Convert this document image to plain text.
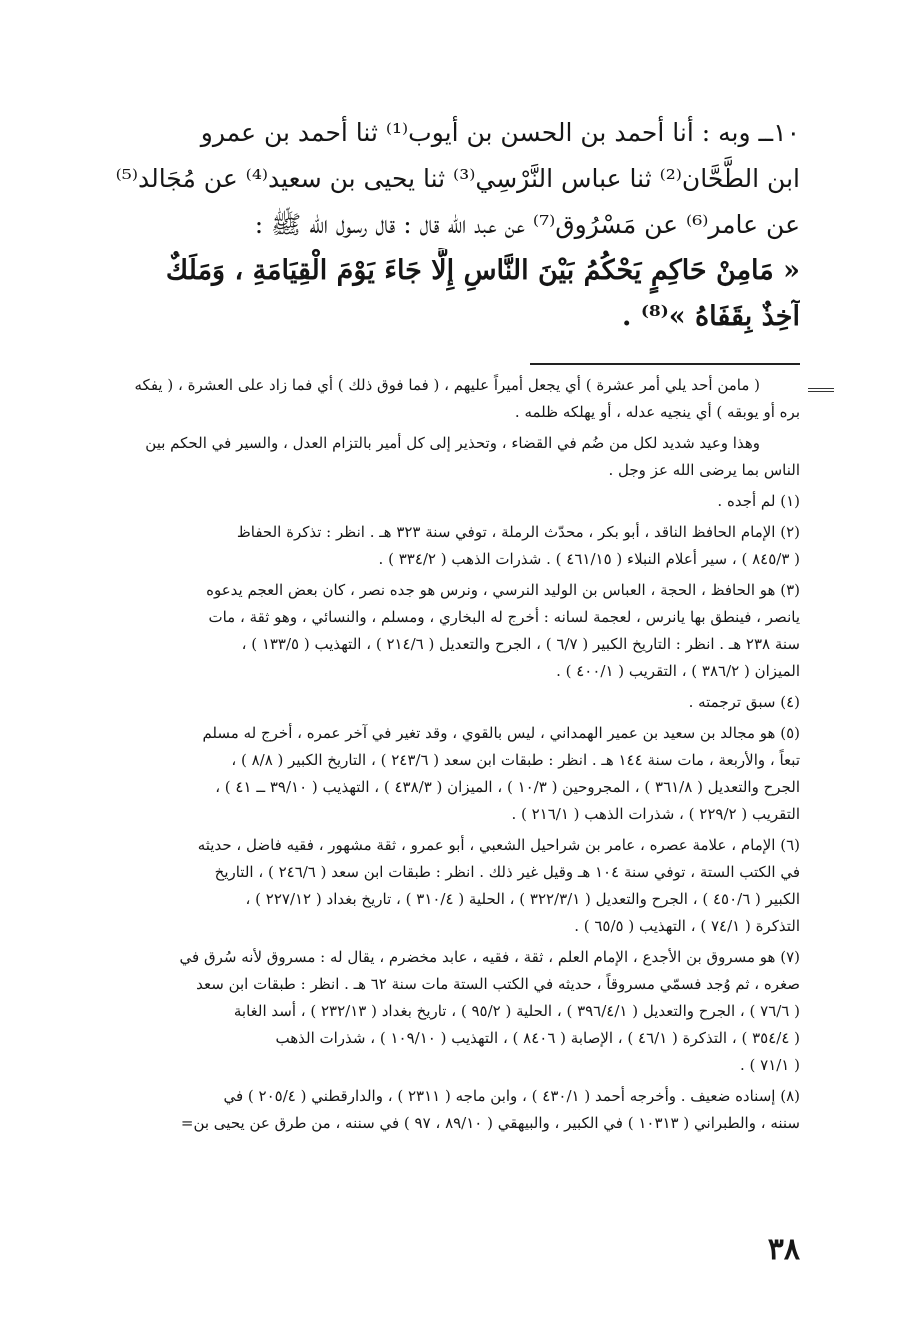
١٠ــ وبه : أنا أحمد بن الحسن بن أيوب⁽¹⁾ ثنا أحمد بن عمرو
ابن الطَّحَّان⁽²⁾ ثنا عباس النَّرْسِي⁽³⁾ ثنا يحيى بن سعيد⁽⁴⁾ عن مُجَالد⁽⁵⁾
عن عامر⁽⁶⁾ عن مَسْرُوق⁽⁷⁾ عن عبد الله قال : قال رسول الله ﷺ :
« مَامِنْ حَاكِمٍ يَحْكُمُ بَيْنَ النَّاسِ إِلَّا جَاءَ يَوْمَ الْقِيَامَةِ ، وَمَلَكٌ
آخِذٌ بِقَفَاهُ »⁽⁸⁾ .
( مامن أحد يلي أمر عشرة ) أي يجعل أميراً عليهم ، ( فما فوق ذلك ) أي فما زاد على العشرة ، ( يفكه
بره أو يوبقه ) أي ينجيه عدله ، أو يهلكه ظلمه .
وهذا وعيد شديد لكل من ضُم في القضاء ، وتحذير إلى كل أمير بالتزام العدل ، والسير في الحكم بين
الناس بما يرضى الله عز وجل .
(١) لم أجده .
(٢) الإمام الحافظ الناقد ، أبو بكر ، محدّث الرملة ، توفي سنة ٣٢٣ هـ . انظر : تذكرة الحفاظ
( ٨٤٥/٣ ) ، سير أعلام النبلاء ( ٤٦١/١٥ ) . شذرات الذهب ( ٣٣٤/٢ ) .
(٣) هو الحافظ ، الحجة ، العباس بن الوليد النرسي ، ونرس هو جده نصر ، كان بعض العجم يدعوه
يانصر ، فينطق بها يانرس ، لعجمة لسانه : أخرج له البخاري ، ومسلم ، والنسائي ، وهو ثقة ، مات
سنة ٢٣٨ هـ . انظر : التاريخ الكبير ( ٦/٧ ) ، الجرح والتعديل ( ٢١٤/٦ ) ، التهذيب ( ١٣٣/٥ ) ،
الميزان ( ٣٨٦/٢ ) ، التقريب ( ٤٠٠/١ ) .
(٤) سبق ترجمته .
(٥) هو مجالد بن سعيد بن عمير الهمداني ، ليس بالقوي ، وقد تغير في آخر عمره ، أخرج له مسلم
تبعاً ، والأربعة ، مات سنة ١٤٤ هـ . انظر : طبقات ابن سعد ( ٢٤٣/٦ ) ، التاريخ الكبير ( ٨/٨ ) ،
الجرح والتعديل ( ٣٦١/٨ ) ، المجروحين ( ١٠/٣ ) ، الميزان ( ٤٣٨/٣ ) ، التهذيب ( ٣٩/١٠ ــ ٤١ ) ،
التقريب ( ٢٢٩/٢ ) ، شذرات الذهب ( ٢١٦/١ ) .
(٦) الإمام ، علامة عصره ، عامر بن شراحيل الشعبي ، أبو عمرو ، ثقة مشهور ، فقيه فاضل ، حديثه
في الكتب الستة ، توفي سنة ١٠٤ هـ وقيل غير ذلك . انظر : طبقات ابن سعد ( ٢٤٦/٦ ) ، التاريخ
الكبير ( ٤٥٠/٦ ) ، الجرح والتعديل ( ٣٢٢/٣/١ ) ، الحلية ( ٣١٠/٤ ) ، تاريخ بغداد ( ٢٢٧/١٢ ) ،
التذكرة ( ٧٤/١ ) ، التهذيب ( ٦٥/٥ ) .
(٧) هو مسروق بن الأجدع ، الإمام العلم ، ثقة ، فقيه ، عابد مخضرم ، يقال له : مسروق لأنه سُرق في
صغره ، ثم وُجد فسمّي مسروقاً ، حديثه في الكتب الستة مات سنة ٦٢ هـ . انظر : طبقات ابن سعد
( ٧٦/٦ ) ، الجرح والتعديل ( ٣٩٦/٤/١ ) ، الحلية ( ٩٥/٢ ) ، تاريخ بغداد ( ٢٣٢/١٣ ) ، أسد الغابة
( ٣٥٤/٤ ) ، التذكرة ( ٤٦/١ ) ، الإصابة ( ٨٤٠٦ ) ، التهذيب ( ١٠٩/١٠ ) ، شذرات الذهب
( ٧١/١ ) .
(٨) إسناده ضعيف . وأخرجه أحمد ( ٤٣٠/١ ) ، وابن ماجه ( ٢٣١١ ) ، والدارقطني ( ٢٠٥/٤ ) في
سننه ، والطبراني ( ١٠٣١٣ ) في الكبير ، والبيهقي ( ٨٩/١٠ ، ٩٧ ) في سننه ، من طرق عن يحيى بن=
٣٨
